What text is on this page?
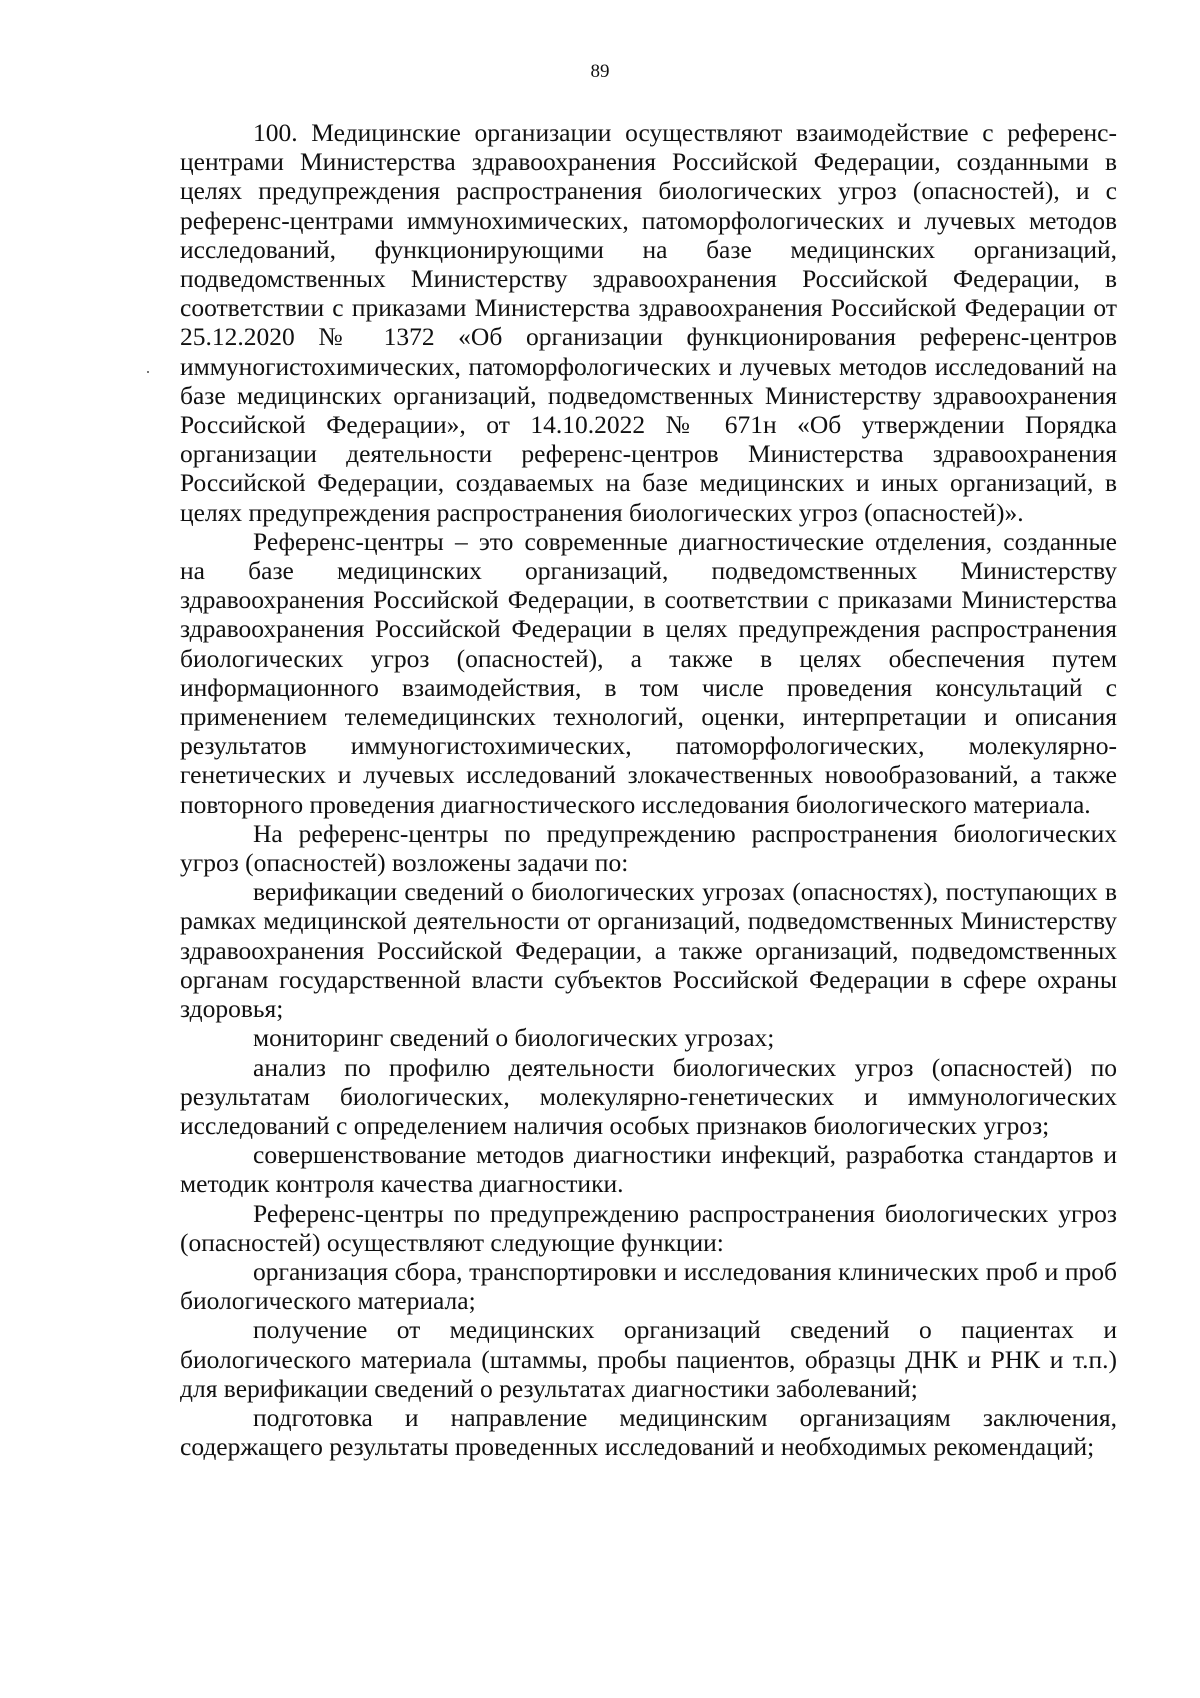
89

100. Медицинские организации осуществляют взаимодействие с референс-центрами Министерства здравоохранения Российской Федерации, созданными в целях предупреждения распространения биологических угроз (опасностей), и с референс-центрами иммунохимических, патоморфологических и лучевых методов исследований, функционирующими на базе медицинских организаций, подведомственных Министерству здравоохранения Российской Федерации, в соответствии с приказами Министерства здравоохранения Российской Федерации от 25.12.2020 № 1372 «Об организации функционирования референс-центров иммуногистохимических, патоморфологических и лучевых методов исследований на базе медицинских организаций, подведомственных Министерству здравоохранения Российской Федерации», от 14.10.2022 № 671н «Об утверждении Порядка организации деятельности референс-центров Министерства здравоохранения Российской Федерации, создаваемых на базе медицинских и иных организаций, в целях предупреждения распространения биологических угроз (опасностей)».

Референс-центры – это современные диагностические отделения, созданные на базе медицинских организаций, подведомственных Министерству здравоохранения Российской Федерации, в соответствии с приказами Министерства здравоохранения Российской Федерации в целях предупреждения распространения биологических угроз (опасностей), а также в целях обеспечения путем информационного взаимодействия, в том числе проведения консультаций с применением телемедицинских технологий, оценки, интерпретации и описания результатов иммуногистохимических, патоморфологических, молекулярно-генетических и лучевых исследований злокачественных новообразований, а также повторного проведения диагностического исследования биологического материала.

На референс-центры по предупреждению распространения биологических угроз (опасностей) возложены задачи по:

верификации сведений о биологических угрозах (опасностях), поступающих в рамках медицинской деятельности от организаций, подведомственных Министерству здравоохранения Российской Федерации, а также организаций, подведомственных органам государственной власти субъектов Российской Федерации в сфере охраны здоровья;

мониторинг сведений о биологических угрозах;

анализ по профилю деятельности биологических угроз (опасностей) по результатам биологических, молекулярно-генетических и иммунологических исследований с определением наличия особых признаков биологических угроз;

совершенствование методов диагностики инфекций, разработка стандартов и методик контроля качества диагностики.

Референс-центры по предупреждению распространения биологических угроз (опасностей) осуществляют следующие функции:

организация сбора, транспортировки и исследования клинических проб и проб биологического материала;

получение от медицинских организаций сведений о пациентах и биологического материала (штаммы, пробы пациентов, образцы ДНК и РНК и т.п.) для верификации сведений о результатах диагностики заболеваний;

подготовка и направление медицинским организациям заключения, содержащего результаты проведенных исследований и необходимых рекомендаций;
